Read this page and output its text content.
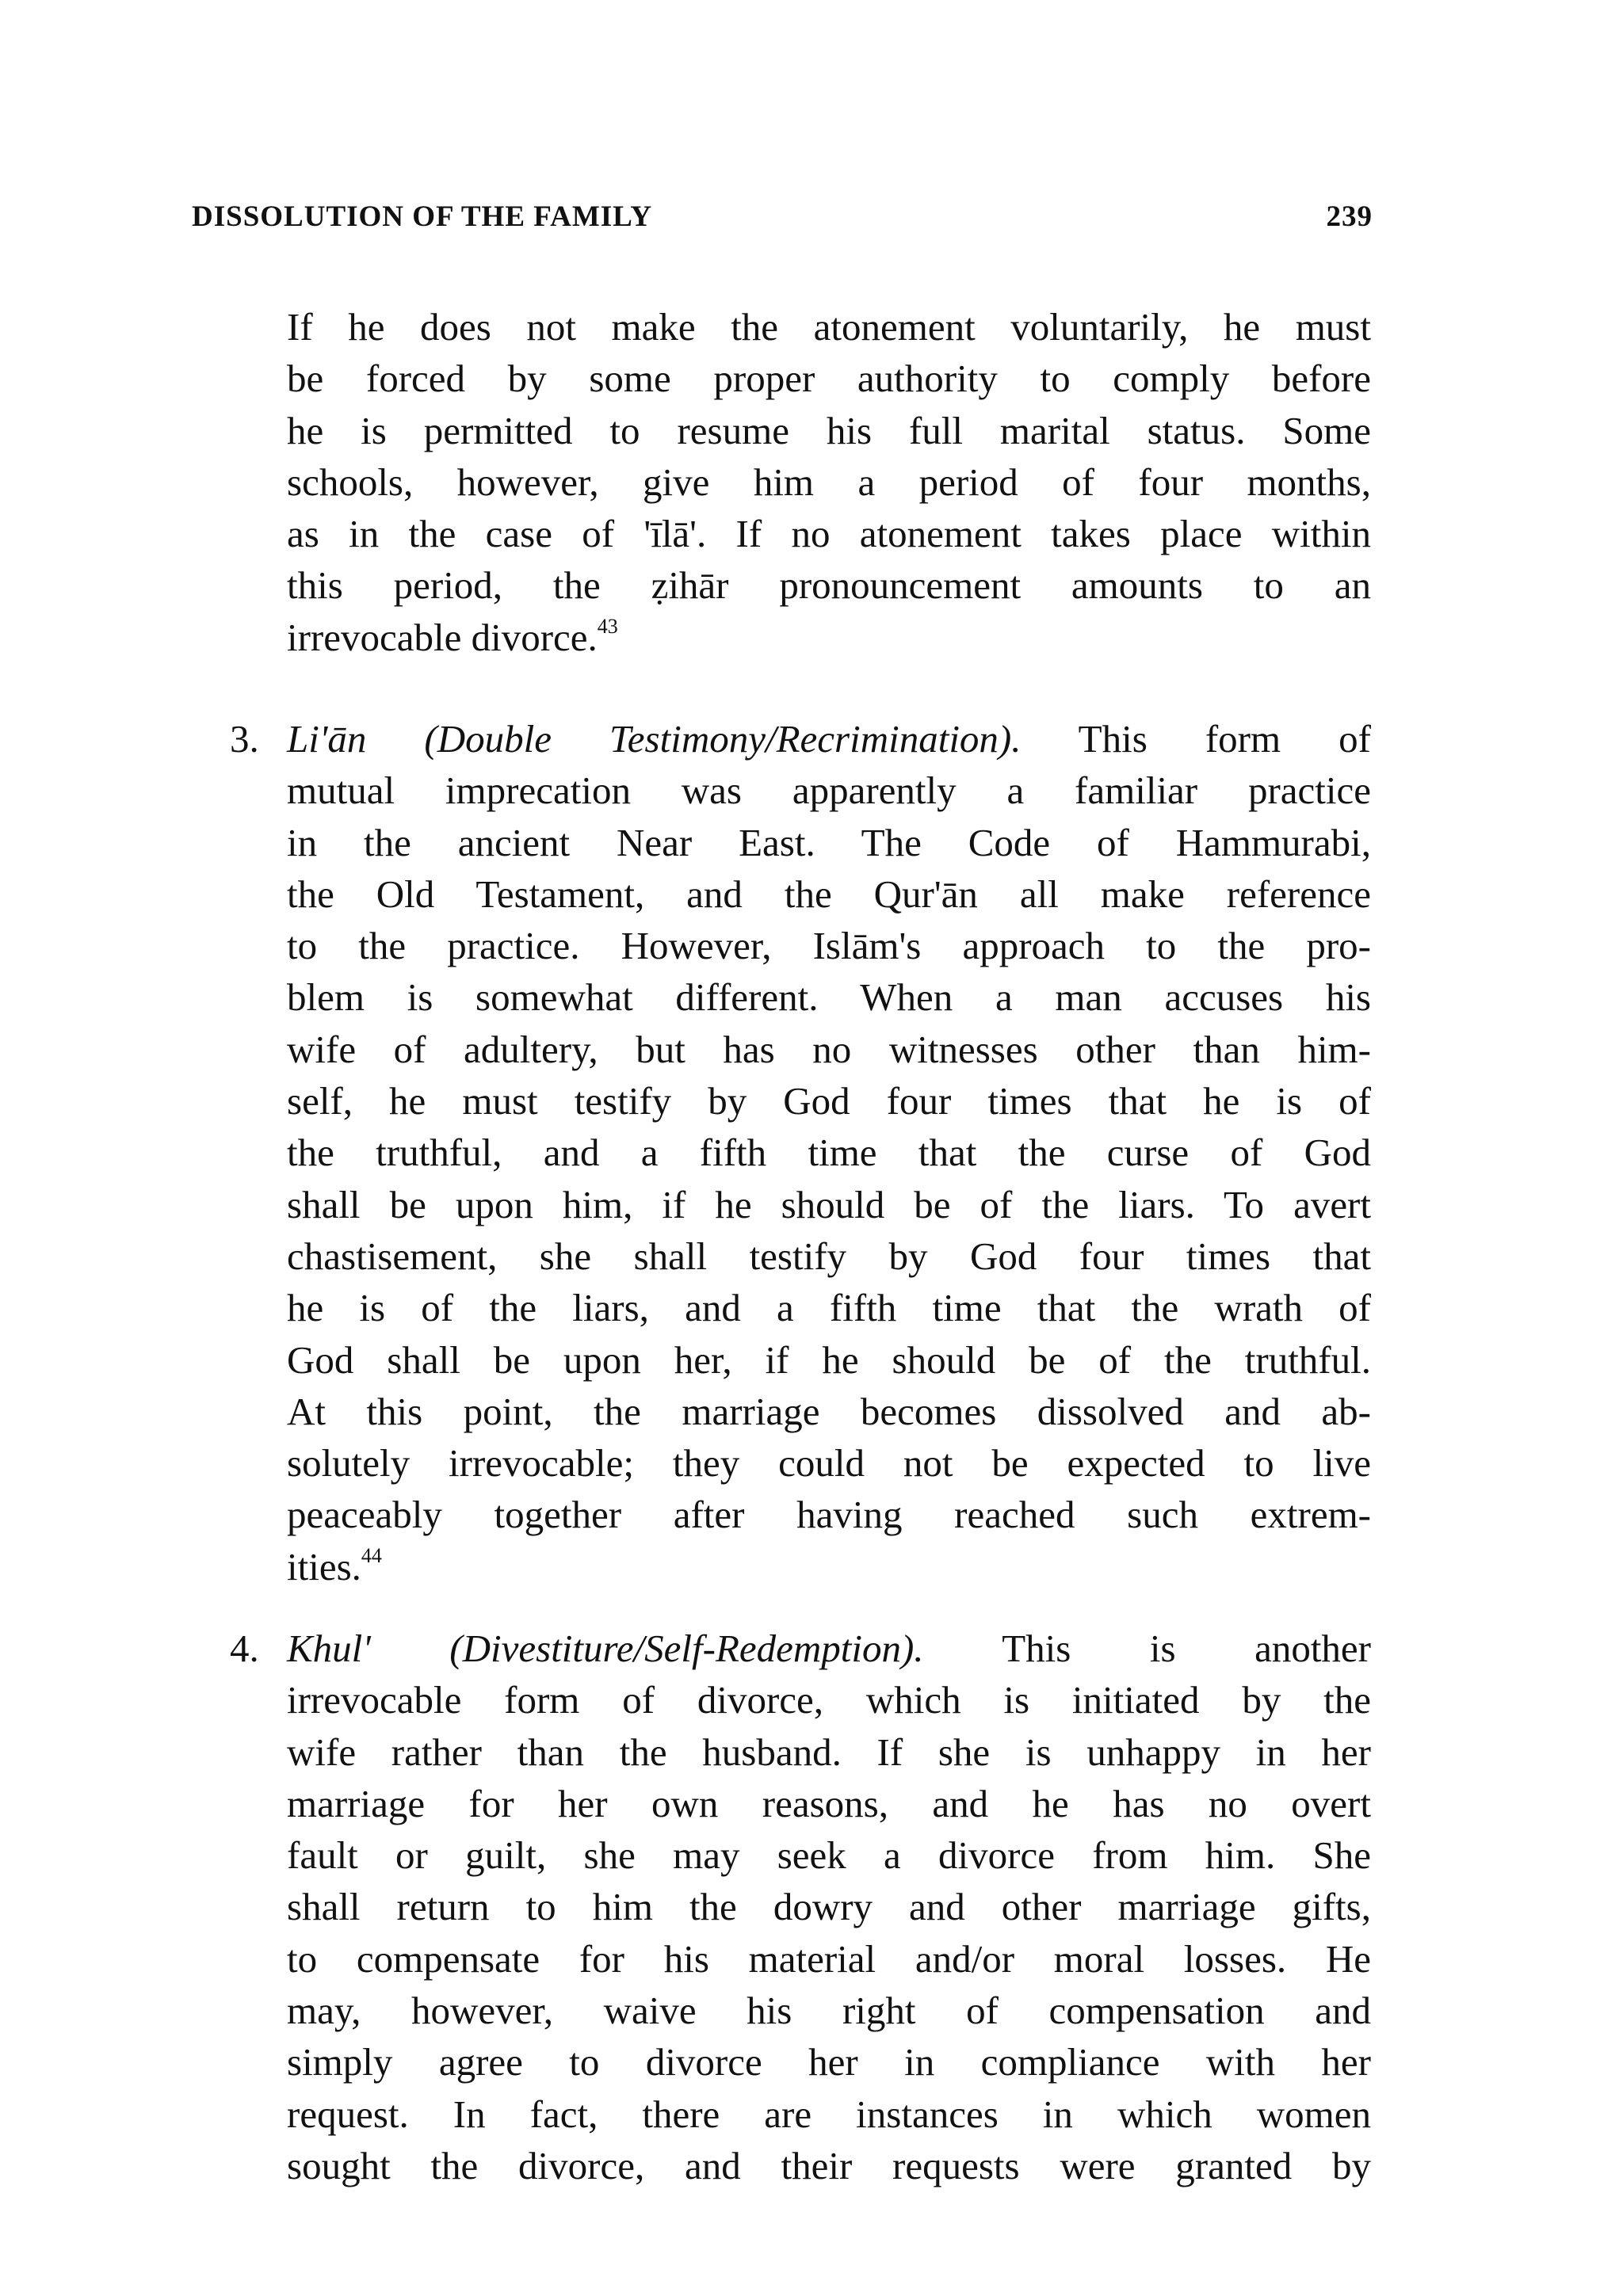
DISSOLUTION OF THE FAMILY	239
If he does not make the atonement voluntarily, he must
be forced by some proper authority to comply before
he is permitted to resume his full marital status. Some
schools, however, give him a period of four months,
as in the case of 'īlā'. If no atonement takes place within
this period, the ẓihār pronouncement amounts to an
irrevocable divorce.$^{43}$
3. Li'ān (Double Testimony/Recrimination). This form of
mutual imprecation was apparently a familiar practice
in the ancient Near East. The Code of Hammurabi,
the Old Testament, and the Qur'ān all make reference
to the practice. However, Islām's approach to the pro-
blem is somewhat different. When a man accuses his
wife of adultery, but has no witnesses other than him-
self, he must testify by God four times that he is of
the truthful, and a fifth time that the curse of God
shall be upon him, if he should be of the liars. To avert
chastisement, she shall testify by God four times that
he is of the liars, and a fifth time that the wrath of
God shall be upon her, if he should be of the truthful.
At this point, the marriage becomes dissolved and ab-
solutely irrevocable; they could not be expected to live
peaceably together after having reached such extrem-
ities.$^{44}$
4. Khul' (Divestiture/Self-Redemption). This is another
irrevocable form of divorce, which is initiated by the
wife rather than the husband. If she is unhappy in her
marriage for her own reasons, and he has no overt
fault or guilt, she may seek a divorce from him. She
shall return to him the dowry and other marriage gifts,
to compensate for his material and/or moral losses. He
may, however, waive his right of compensation and
simply agree to divorce her in compliance with her
request. In fact, there are instances in which women
sought the divorce, and their requests were granted by
